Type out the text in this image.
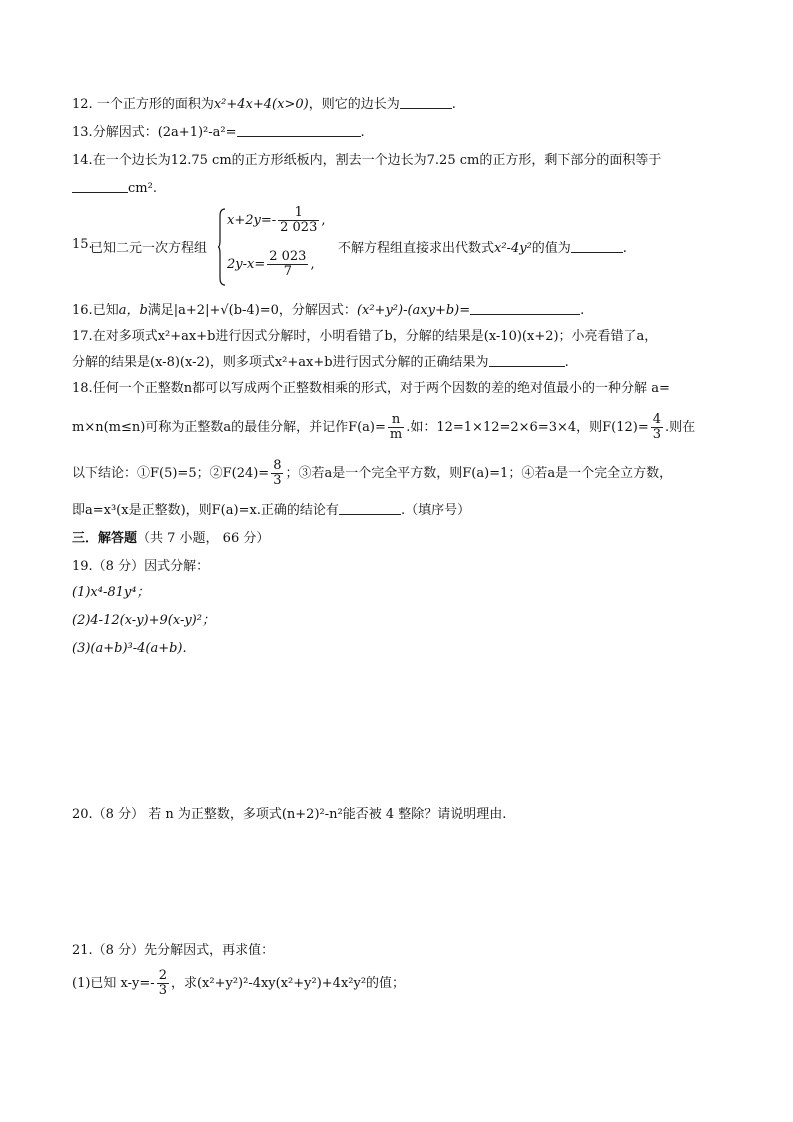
12. 一个正方形的面积为x²+4x+4(x>0)，则它的边长为	.
13.分解因式：(2a+1)²-a²=	.
14.在一个边长为12.75 cm的正方形纸板内，割去一个边长为7.25 cm的正方形，剩下部分的面积等于
cm².
15.
已知二元一次方程组
$x+2y=- \frac{1}{2 023}$ ,
$2y-x= \frac{2 023}{7}$ ,
不解方程组直接求出代数式x²-4y²的值为	.
16.已知a，b满足|a+2|+√(b-4)=0，分解因式：(x²+y²)-(axy+b)=	.
17.在对多项式x²+ax+b进行因式分解时，小明看错了b，分解的结果是(x-10)(x+2)；小亮看错了a，
分解的结果是(x-8)(x-2)，则多项式x²+ax+b进行因式分解的正确结果为	.
18.任何一个正整数n都可以写成两个正整数相乘的形式，对于两个因数的差的绝对值最小的一种分解 a=
m×n(m≤n)可称为正整数a的最佳分解，并记作$F(a)= \frac{n}{m}$ .如：12=1×12=2×6=3×4，则$F(12)= \frac{4}{3}$ .则在
以下结论：①F(5)=5；②F(24)= $\frac{8}{3}$ ；③若a是一个完全平方数，则F(a)=1；④若a是一个完全立方数，
即a=x³(x是正整数)，则F(a)=x.正确的结论有	.（填序号）
三．解答题（共 7 小题， 66 分）
19.（8 分）因式分解：
(1)x⁴-81y⁴；
(2)4-12(x-y)+9(x-y)²；
(3)(a+b)³-4(a+b).
20.（8 分） 若 n 为正整数，多项式(n+2)²-n²能否被 4 整除？请说明理由.
21.（8 分）先分解因式，再求值：
(1)已知 $x-y=- \frac{2}{3}$ ，求(x²+y²)²-4xy(x²+y²)+4x²y²的值；
